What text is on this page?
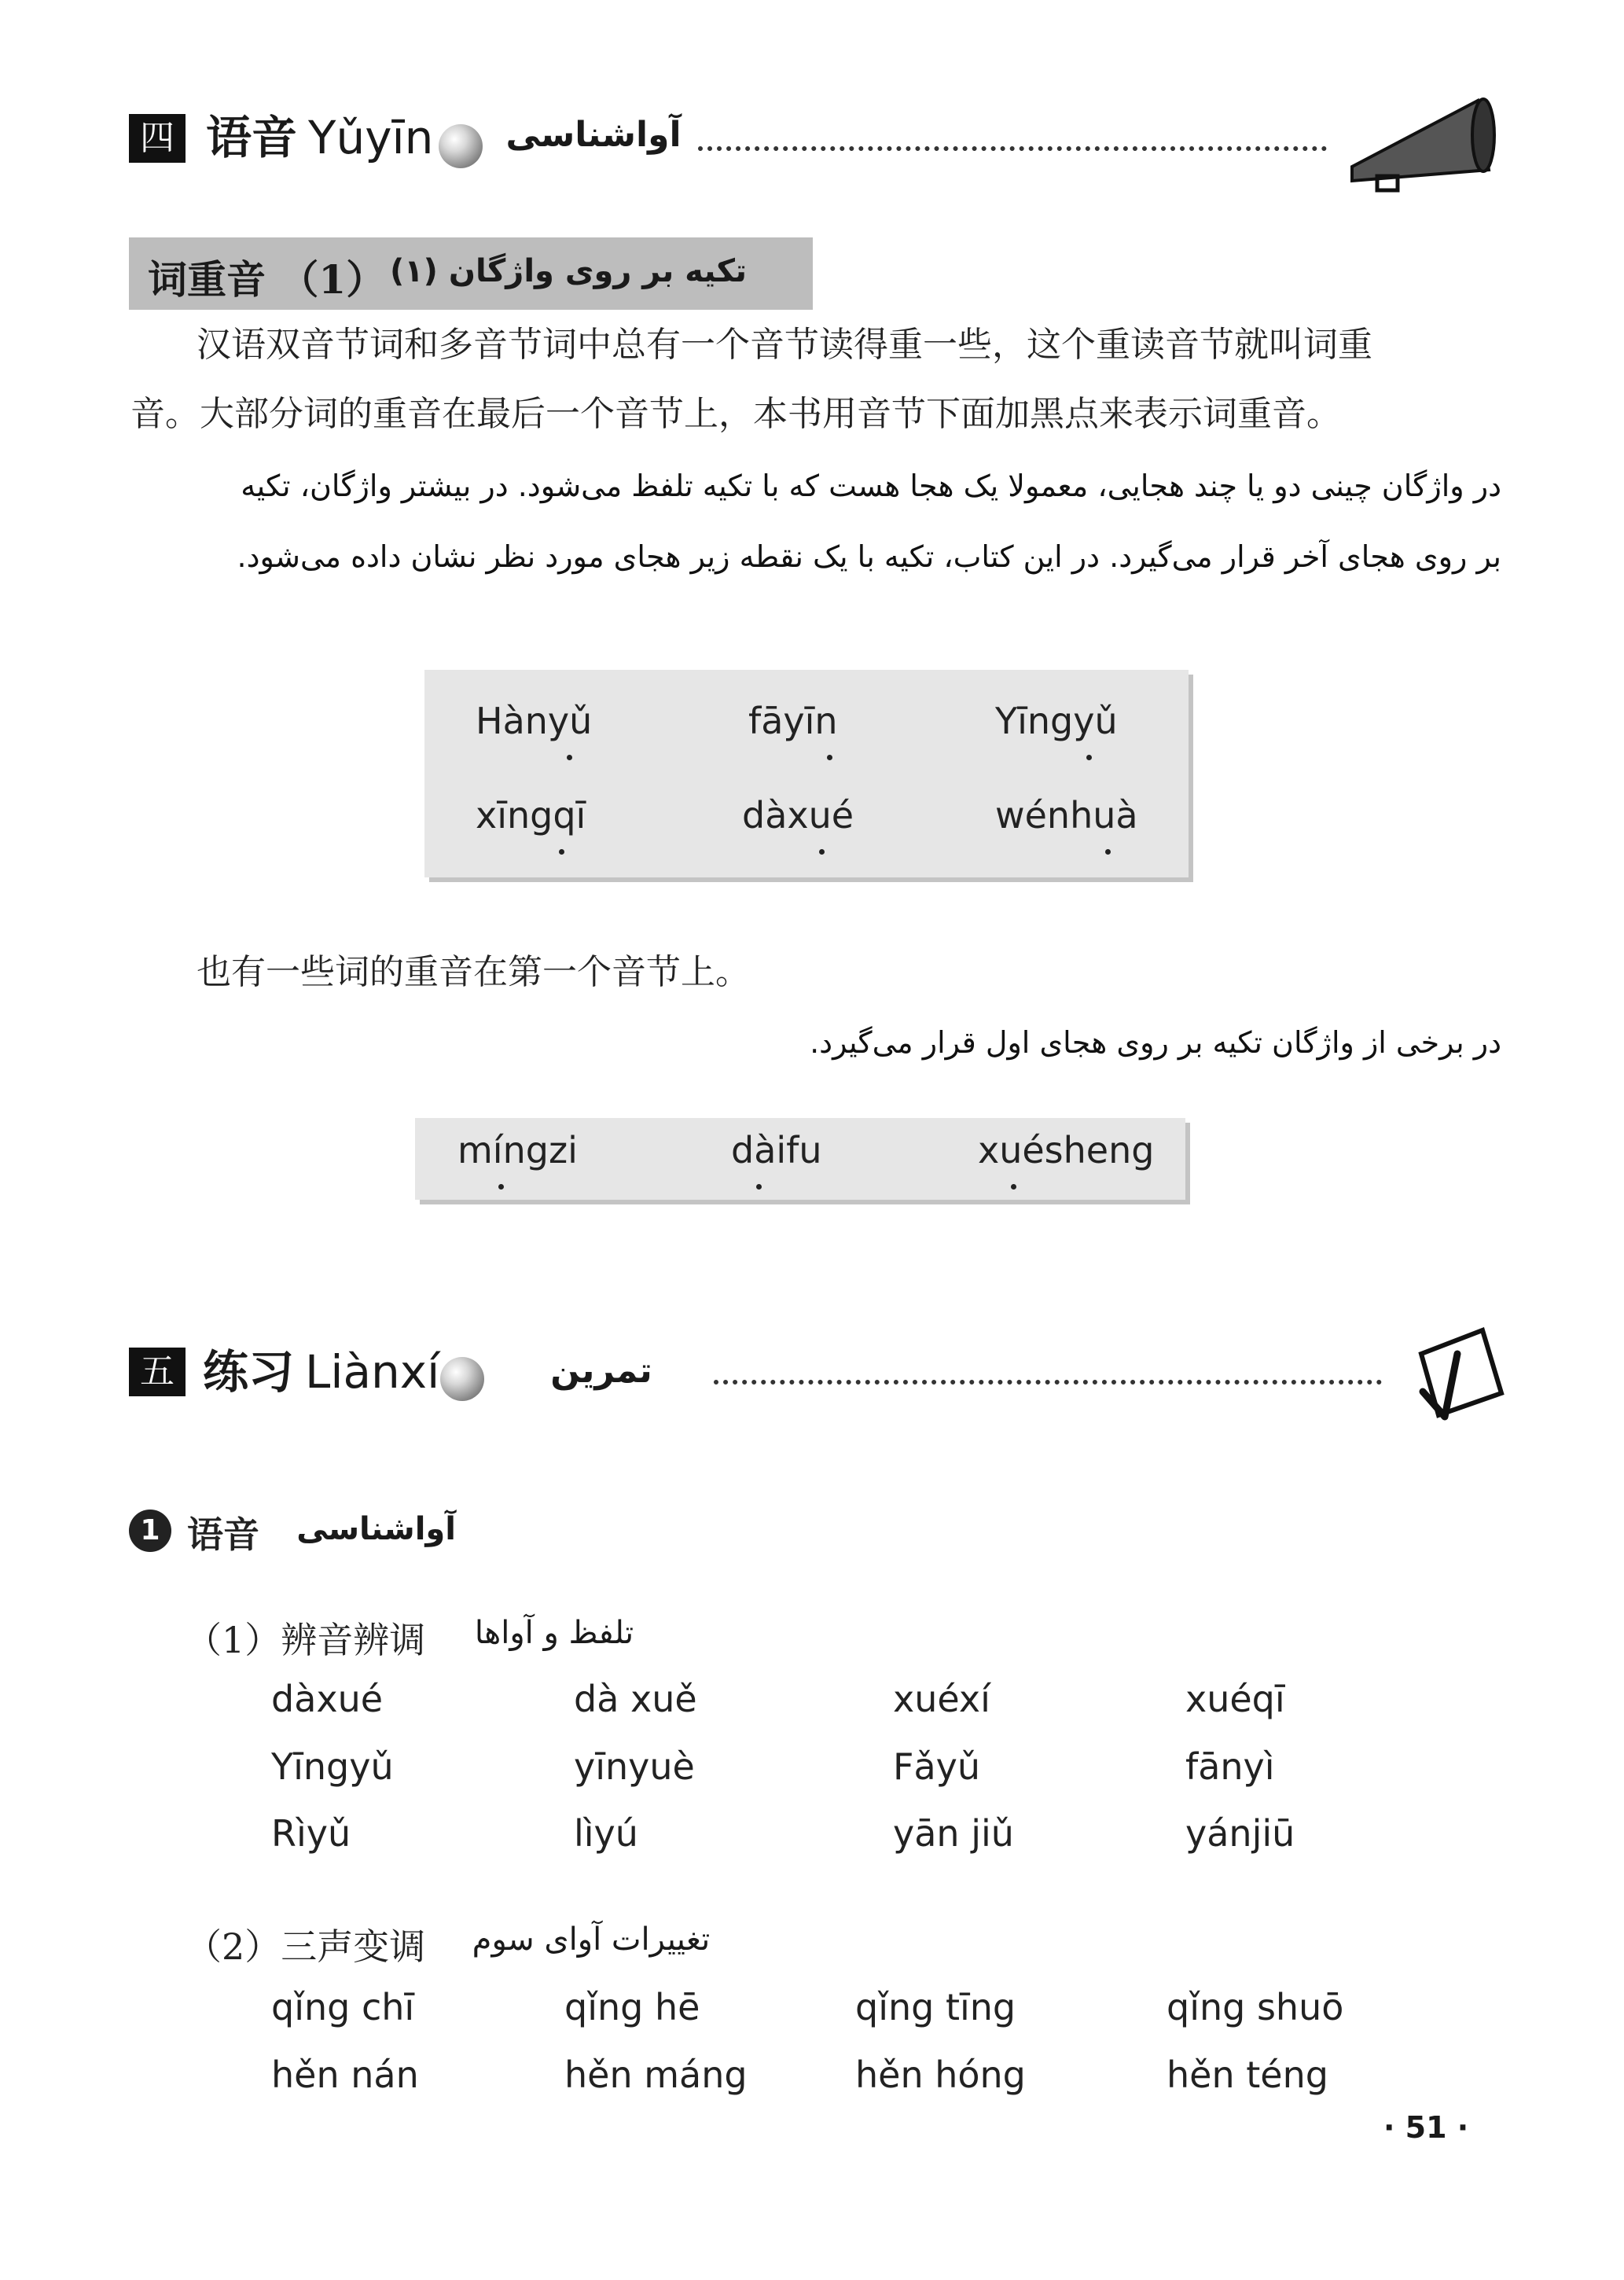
四 语音 Yǔyīn آواشناسی
词重音 （1） تکیه بر روی واژگان (۱)
汉语双音节词和多音节词中总有一个音节读得重一些，这个重读音节就叫词重
音。大部分词的重音在最后一个音节上，本书用音节下面加黑点来表示词重音。
در واژگان چینی دو یا چند هجایی، معمولا یک هجا هست که با تکیه تلفظ می‌شود. در بیشتر واژگان، تکیه
بر روی هجای آخر قرار می‌گیرد. در این کتاب، تکیه با یک نقطه زیر هجای مورد نظر نشان داده می‌شود.
Hànyǔ	fāyīn	Yīngyǔ
xīngqī	dàxué	wénhuà
也有一些词的重音在第一个音节上。
در برخی از واژگان تکیه بر روی هجای اول قرار می‌گیرد.
míngzi	dàifu	xuésheng
五 练习 Liànxí	تمرین
1 语音 آواشناسی
（1）辨音辨调 تلفظ و آواها
dàxué	dà xuě	xuéxí	xuéqī
Yīngyǔ	yīnyuè	Fǎyǔ	fānyì
Rìyǔ	lìyú	yān jiǔ	yánjiū
（2）三声变调 تغییرات آوای سوم
qǐng chī	qǐng hē	qǐng tīng	qǐng shuō
hěn nán	hěn máng	hěn hóng	hěn téng
· 51 ·
